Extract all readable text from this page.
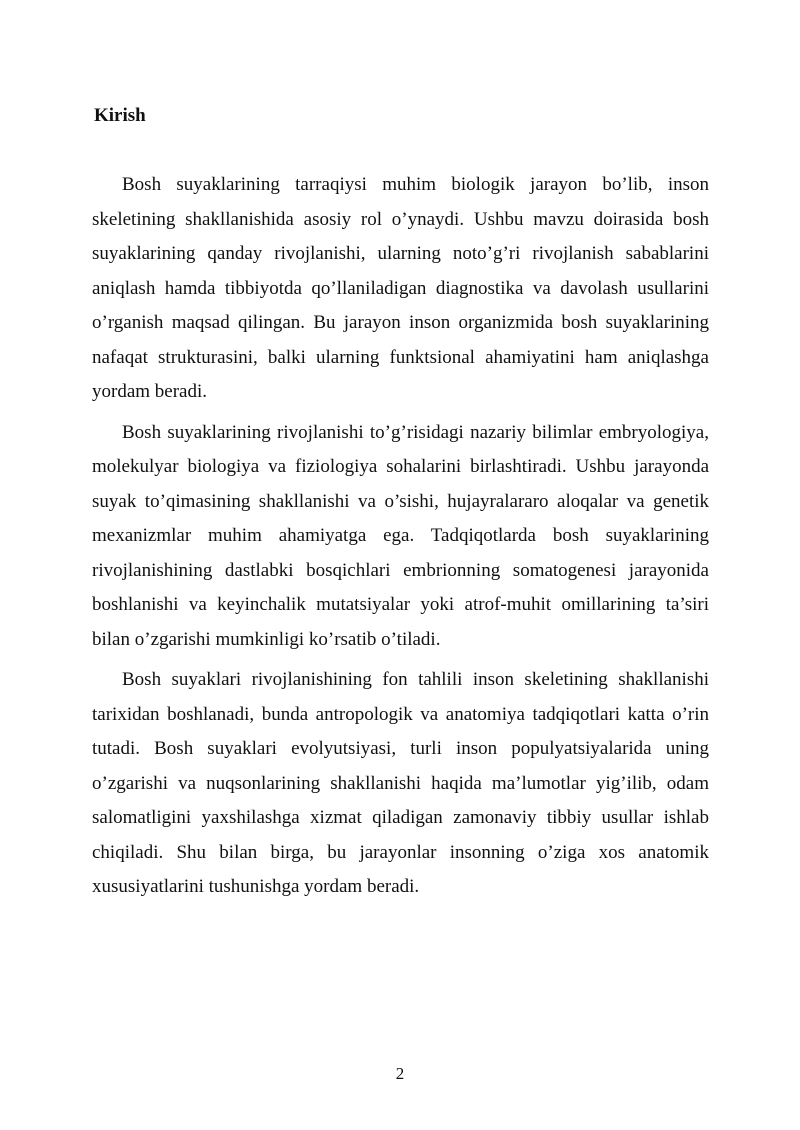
Kirish

Bosh suyaklarining tarraqiysi muhim biologik jarayon bo’lib, inson skeletining shakllanishida asosiy rol o’ynaydi. Ushbu mavzu doirasida bosh suyaklarining qanday rivojlanishi, ularning noto’g’ri rivojlanish sabablarini aniqlash hamda tibbiyotda qo’llaniladigan diagnostika va davolash usullarini o’rganish maqsad qilingan. Bu jarayon inson organizmida bosh suyaklarining nafaqat strukturasini, balki ularning funktsional ahamiyatini ham aniqlashga yordam beradi.

Bosh suyaklarining rivojlanishi to’g’risidagi nazariy bilimlar embryologiya, molekulyar biologiya va fiziologiya sohalarini birlashtiradi. Ushbu jarayonda suyak to’qimasining shakllanishi va o’sishi, hujayralararo aloqalar va genetik mexanizmlar muhim ahamiyatga ega. Tadqiqotlarda bosh suyaklarining rivojlanishining dastlabki bosqichlari embrionning somatogenesi jarayonida boshlanishi va keyinchalik mutatsiyalar yoki atrof-muhit omillarining ta’siri bilan o’zgarishi mumkinligi ko’rsatib o’tiladi.

Bosh suyaklari rivojlanishining fon tahlili inson skeletining shakllanishi tarixidan boshlanadi, bunda antropologik va anatomiya tadqiqotlari katta o’rin tutadi. Bosh suyaklari evolyutsiyasi, turli inson populyatsiyalarida uning o’zgarishi va nuqsonlarining shakllanishi haqida ma’lumotlar yig’ilib, odam salomatligini yaxshilashga xizmat qiladigan zamonaviy tibbiy usullar ishlab chiqiladi. Shu bilan birga, bu jarayonlar insonning o’ziga xos anatomik xususiyatlarini tushunishga yordam beradi.

2
